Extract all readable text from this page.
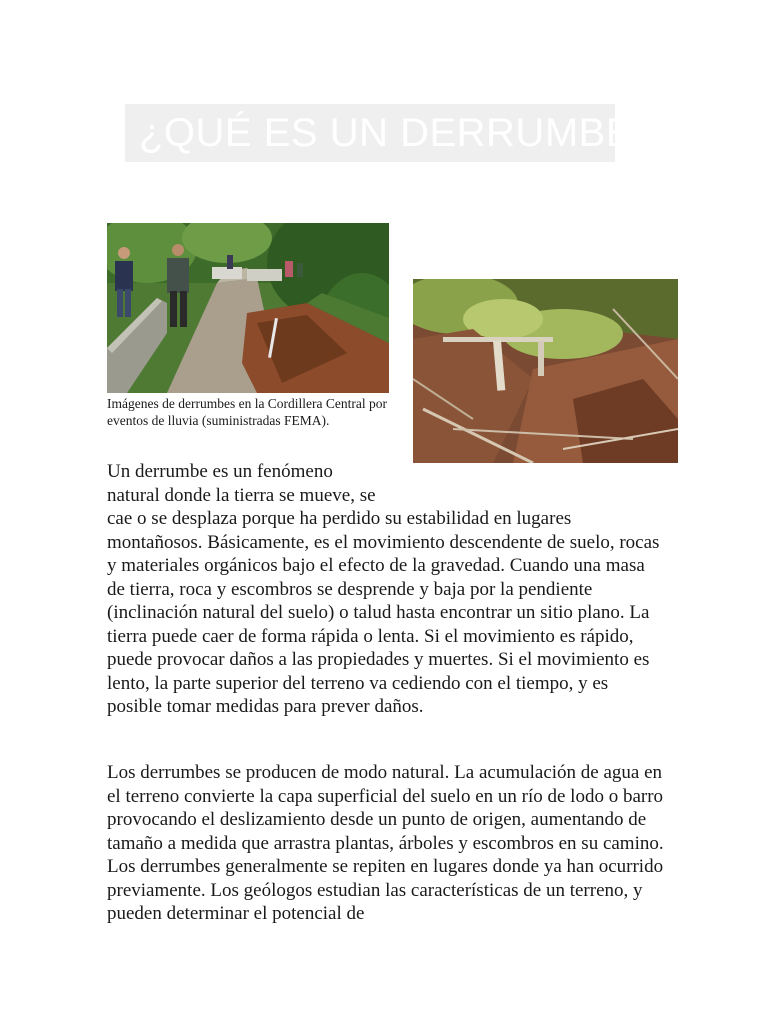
¿QUÉ ES UN DERRUMBE?
Imágenes de derrumbes en la Cordillera Central por eventos de lluvia (suministradas FEMA).

Un derrumbe es un fenómeno natural donde la tierra se mueve, se cae o se desplaza porque ha perdido su estabilidad en lugares montañosos. Básicamente, es el movimiento descendente de suelo, rocas y materiales orgánicos bajo el efecto de la gravedad. Cuando una masa de tierra, roca y escombros se desprende y baja por la pendiente (inclinación natural del suelo) o talud hasta encontrar un sitio plano. La tierra puede caer de forma rápida o lenta. Si el movimiento es rápido, puede provocar daños a las propiedades y muertes. Si el movimiento es lento, la parte superior del terreno va cediendo con el tiempo, y es posible tomar medidas para prever daños.

Los derrumbes se producen de modo natural. La acumulación de agua en el terreno convierte la capa superficial del suelo en un río de lodo o barro provocando el deslizamiento desde un punto de origen, aumentando de tamaño a medida que arrastra plantas, árboles y escombros en su camino. Los derrumbes generalmente se repiten en lugares donde ya han ocurrido previamente. Los geólogos estudian las características de un terreno, y pueden determinar el potencial de
